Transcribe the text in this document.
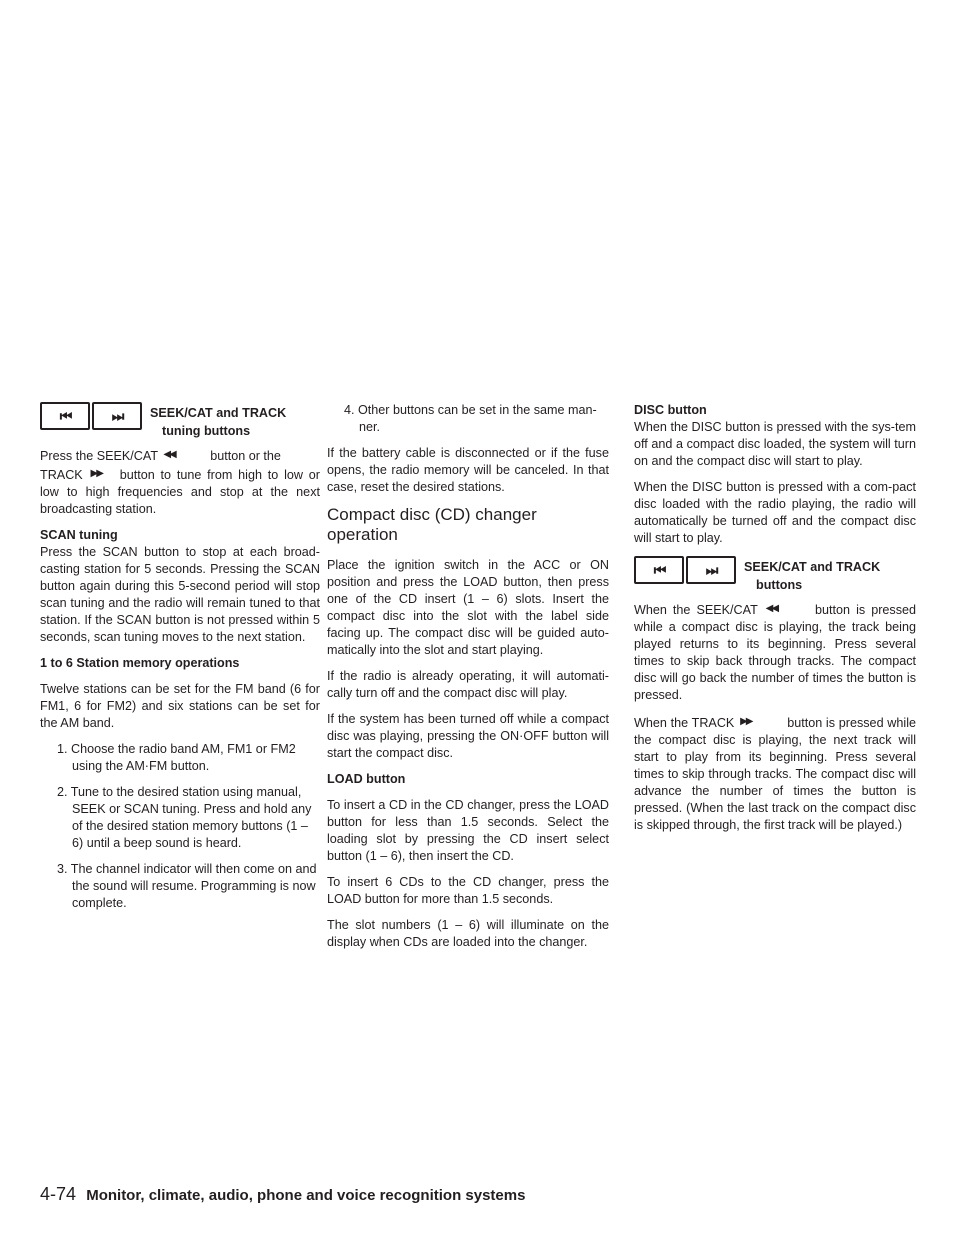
⏮	⏭	SEEK/CAT and TRACK
tuning buttons

Press the SEEK/CAT ◀◀	button or the
TRACK ▶▶ button to tune from high to low or low to high frequencies and stop at the next broadcasting station.

SCAN tuning

Press the SCAN button to stop at each broad-casting station for 5 seconds. Pressing the SCAN button again during this 5-second period will stop scan tuning and the radio will remain tuned to that station. If the SCAN button is not pressed within 5 seconds, scan tuning moves to the next station.

1 to 6 Station memory operations

Twelve stations can be set for the FM band (6 for FM1, 6 for FM2) and six stations can be set for the AM band.

1. Choose the radio band AM, FM1 or FM2 using the AM·FM button.
2. Tune to the desired station using manual, SEEK or SCAN tuning. Press and hold any of the desired station memory buttons (1 – 6) until a beep sound is heard.
3. The channel indicator will then come on and the sound will resume. Programming is now complete.
4. Other buttons can be set in the same man-ner.

If the battery cable is disconnected or if the fuse opens, the radio memory will be canceled. In that case, reset the desired stations.

Compact disc (CD) changer operation

Place the ignition switch in the ACC or ON position and press the LOAD button, then press one of the CD insert (1 – 6) slots. Insert the compact disc into the slot with the label side facing up. The compact disc will be guided auto-matically into the slot and start playing.

If the radio is already operating, it will automati-cally turn off and the compact disc will play.

If the system has been turned off while a compact disc was playing, pressing the ON·OFF button will start the compact disc.

LOAD button

To insert a CD in the CD changer, press the LOAD button for less than 1.5 seconds. Select the loading slot by pressing the CD insert select button (1 – 6), then insert the CD.

To insert 6 CDs to the CD changer, press the LOAD button for more than 1.5 seconds.

The slot numbers (1 – 6) will illuminate on the display when CDs are loaded into the changer.

DISC button

When the DISC button is pressed with the sys-tem off and a compact disc loaded, the system will turn on and the compact disc will start to play.

When the DISC button is pressed with a com-pact disc loaded with the radio playing, the radio will automatically be turned off and the compact disc will start to play.

⏮	⏭	SEEK/CAT and TRACK
buttons

When the SEEK/CAT ◀◀	button is pressed while a compact disc is playing, the track being played returns to its beginning. Press several times to skip back through tracks. The compact disc will go back the number of times the button is pressed.

When the TRACK ▶▶	button is pressed while the compact disc is playing, the next track will start to play from its beginning. Press several times to skip through tracks. The compact disc will advance the number of times the button is pressed. (When the last track on the compact disc is skipped through, the first track will be played.)

4-74 Monitor, climate, audio, phone and voice recognition systems
